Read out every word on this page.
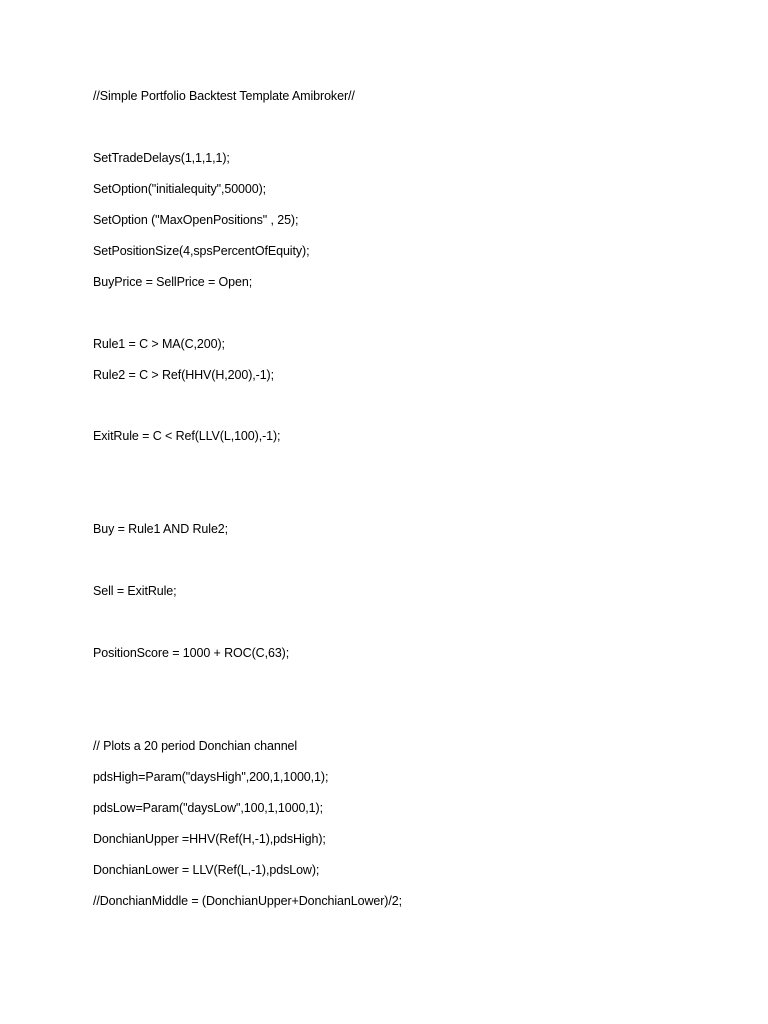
//Simple Portfolio Backtest Template Amibroker//
SetTradeDelays(1,1,1,1);
SetOption("initialequity",50000);
SetOption ("MaxOpenPositions" , 25);
SetPositionSize(4,spsPercentOfEquity);
BuyPrice = SellPrice = Open;
Rule1 = C > MA(C,200);
Rule2 = C > Ref(HHV(H,200),-1);
ExitRule = C < Ref(LLV(L,100),-1);
Buy = Rule1 AND Rule2;
Sell = ExitRule;
PositionScore = 1000 + ROC(C,63);
// Plots a 20 period Donchian channel
pdsHigh=Param("daysHigh",200,1,1000,1);
pdsLow=Param("daysLow",100,1,1000,1);
DonchianUpper =HHV(Ref(H,-1),pdsHigh);
DonchianLower = LLV(Ref(L,-1),pdsLow);
//DonchianMiddle = (DonchianUpper+DonchianLower)/2;
